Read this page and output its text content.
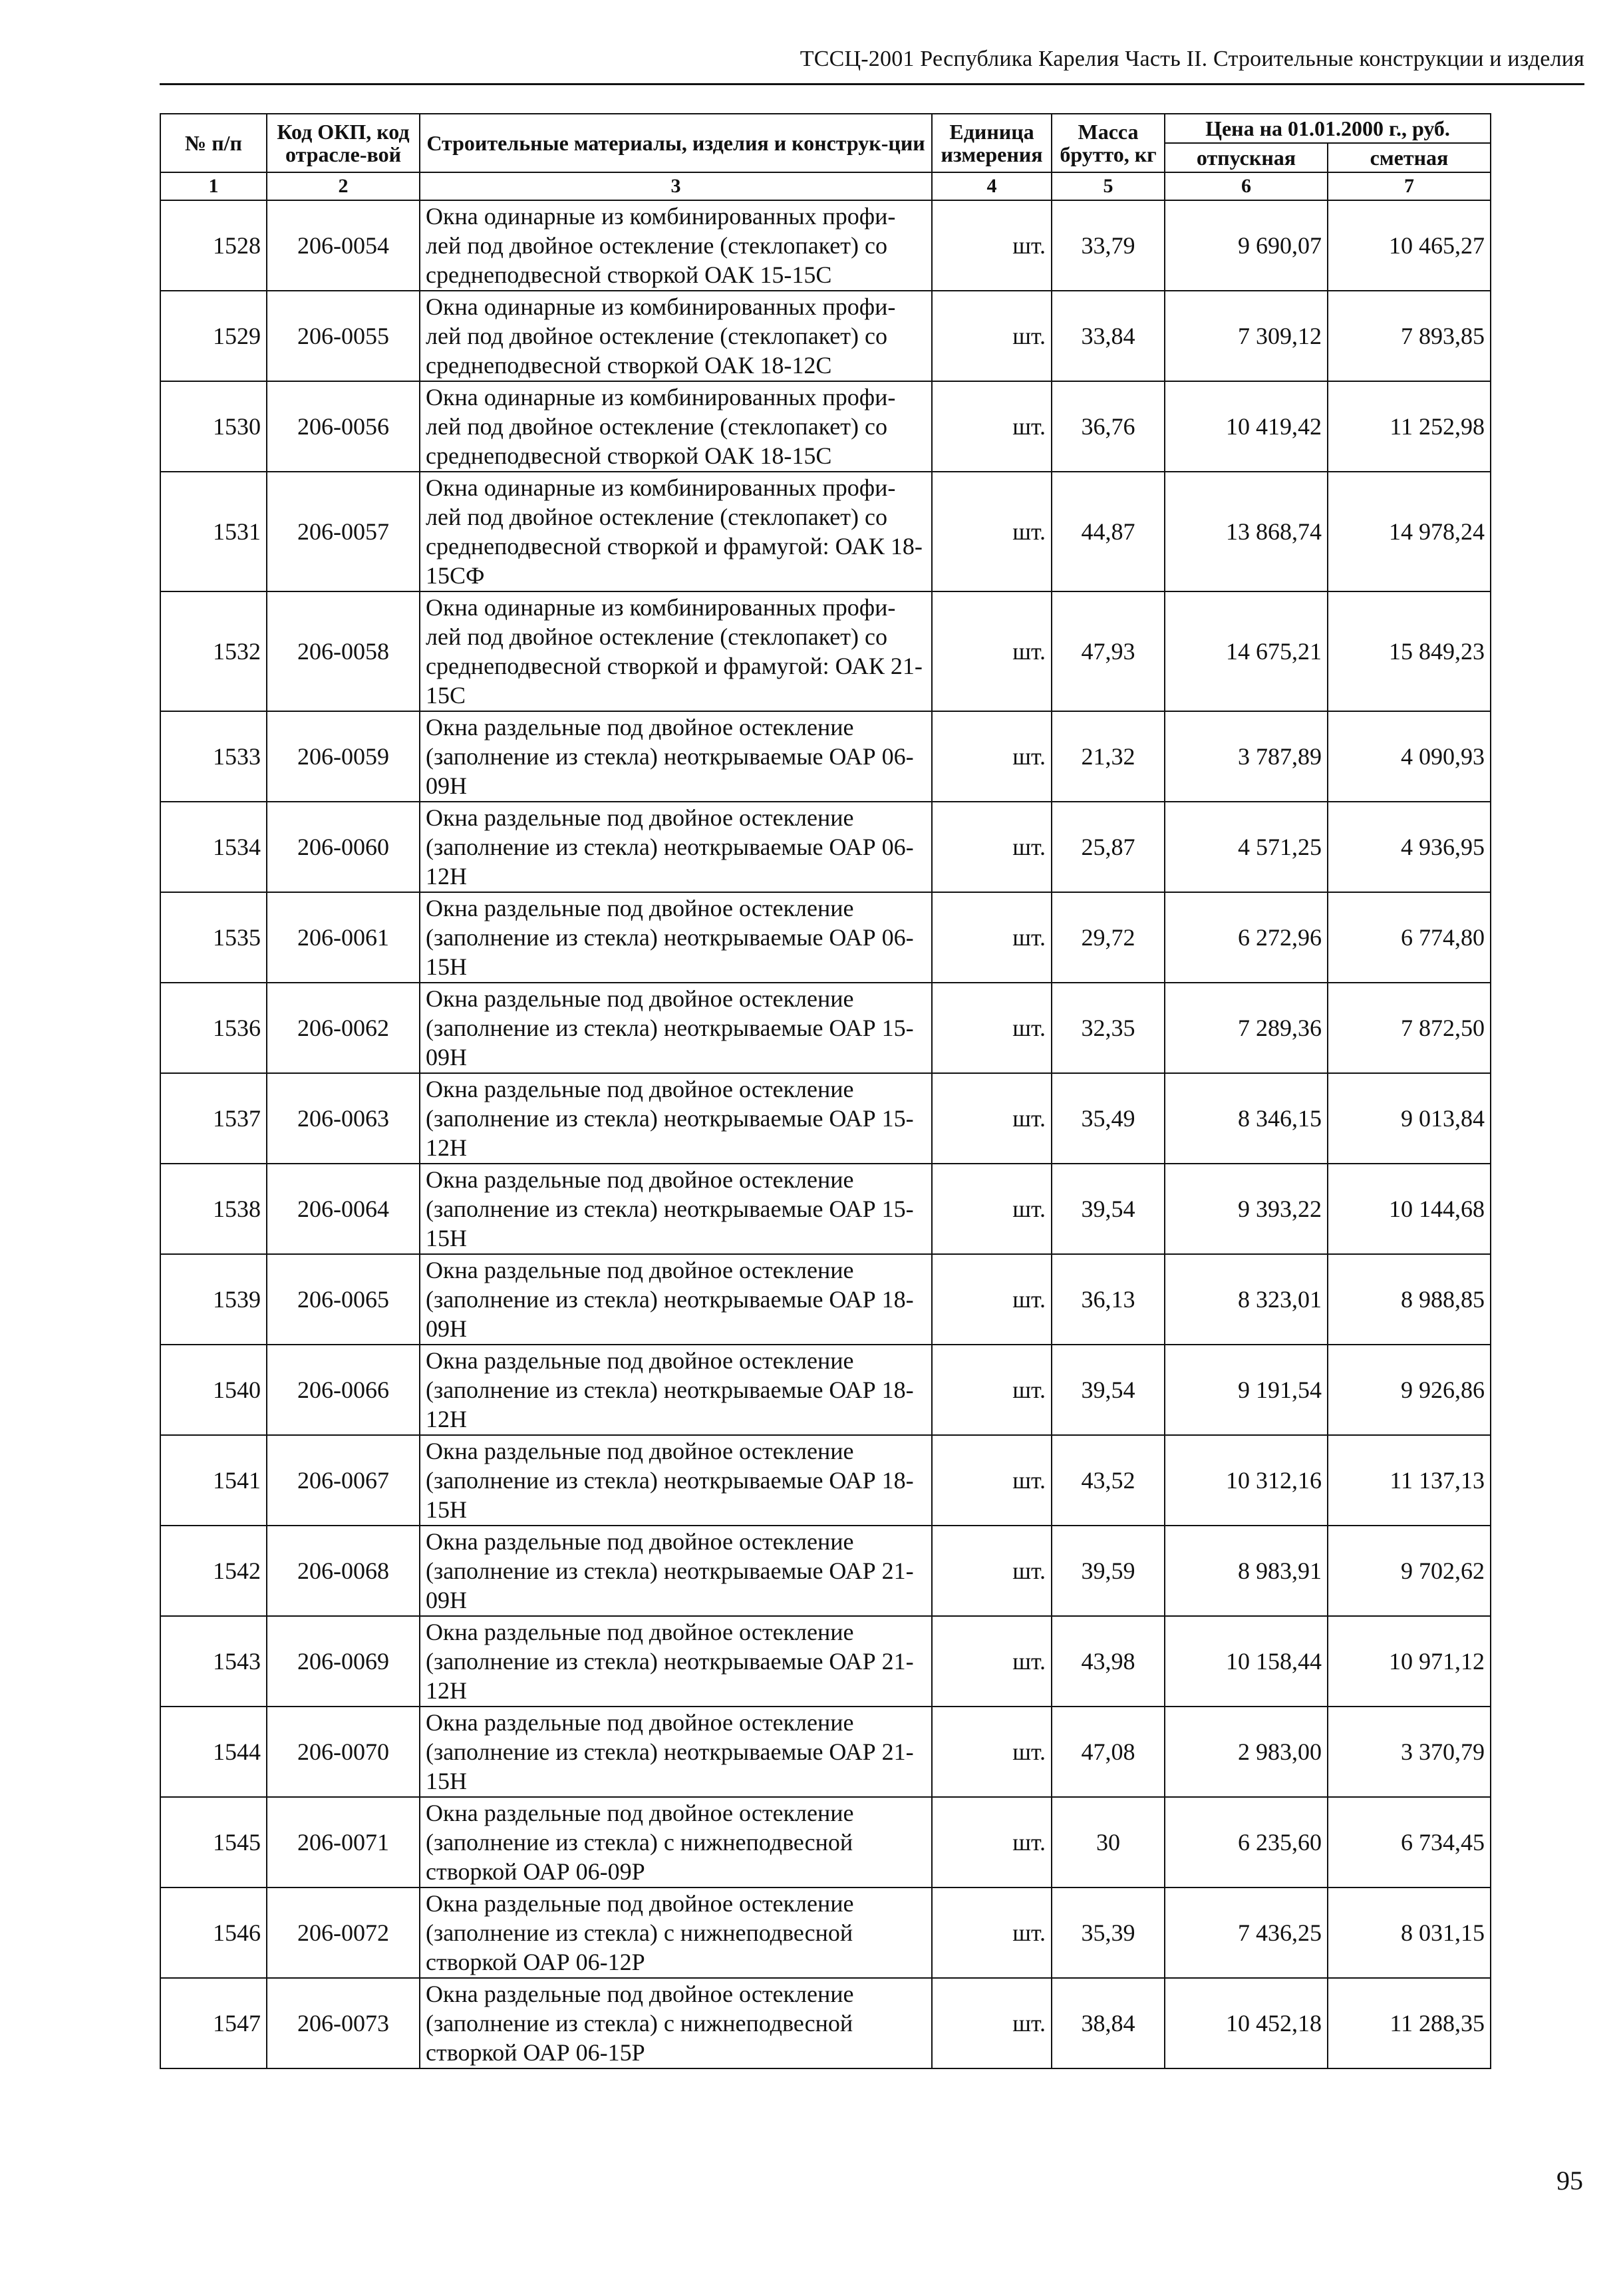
ТССЦ-2001 Республика Карелия Часть II. Строительные конструкции и изделия
№ п/п	Код ОКП, код отрасле-вой	Строительные материалы, изделия и конструк-ции	Единица измерения	Масса брутто, кг	Цена на 01.01.2000 г., руб.	
					отпускная	сметная
1	2	3	4	5	6	7
1528	206-0054	Окна одинарные из комбинированных профи-лей под двойное остекление (стеклопакет) со среднеподвесной створкой ОАК 15-15С	шт.	33,79	9 690,07	10 465,27
1529	206-0055	Окна одинарные из комбинированных профи-лей под двойное остекление (стеклопакет) со среднеподвесной створкой ОАК 18-12С	шт.	33,84	7 309,12	7 893,85
1530	206-0056	Окна одинарные из комбинированных профи-лей под двойное остекление (стеклопакет) со среднеподвесной створкой ОАК 18-15С	шт.	36,76	10 419,42	11 252,98
1531	206-0057	Окна одинарные из комбинированных профи-лей под двойное остекление (стеклопакет) со среднеподвесной створкой и фрамугой: ОАК 18-15СФ	шт.	44,87	13 868,74	14 978,24
1532	206-0058	Окна одинарные из комбинированных профи-лей под двойное остекление (стеклопакет) со среднеподвесной створкой и фрамугой: ОАК 21-15С	шт.	47,93	14 675,21	15 849,23
1533	206-0059	Окна раздельные под двойное остекление (заполнение из стекла) неоткрываемые ОАР 06-09Н	шт.	21,32	3 787,89	4 090,93
1534	206-0060	Окна раздельные под двойное остекление (заполнение из стекла) неоткрываемые ОАР 06-12Н	шт.	25,87	4 571,25	4 936,95
1535	206-0061	Окна раздельные под двойное остекление (заполнение из стекла) неоткрываемые ОАР 06-15Н	шт.	29,72	6 272,96	6 774,80
1536	206-0062	Окна раздельные под двойное остекление (заполнение из стекла) неоткрываемые ОАР 15-09Н	шт.	32,35	7 289,36	7 872,50
1537	206-0063	Окна раздельные под двойное остекление (заполнение из стекла) неоткрываемые ОАР 15-12Н	шт.	35,49	8 346,15	9 013,84
1538	206-0064	Окна раздельные под двойное остекление (заполнение из стекла) неоткрываемые ОАР 15-15Н	шт.	39,54	9 393,22	10 144,68
1539	206-0065	Окна раздельные под двойное остекление (заполнение из стекла) неоткрываемые ОАР 18-09Н	шт.	36,13	8 323,01	8 988,85
1540	206-0066	Окна раздельные под двойное остекление (заполнение из стекла) неоткрываемые ОАР 18-12Н	шт.	39,54	9 191,54	9 926,86
1541	206-0067	Окна раздельные под двойное остекление (заполнение из стекла) неоткрываемые ОАР 18-15Н	шт.	43,52	10 312,16	11 137,13
1542	206-0068	Окна раздельные под двойное остекление (заполнение из стекла) неоткрываемые ОАР 21-09Н	шт.	39,59	8 983,91	9 702,62
1543	206-0069	Окна раздельные под двойное остекление (заполнение из стекла) неоткрываемые ОАР 21-12Н	шт.	43,98	10 158,44	10 971,12
1544	206-0070	Окна раздельные под двойное остекление (заполнение из стекла) неоткрываемые ОАР 21-15Н	шт.	47,08	2 983,00	3 370,79
1545	206-0071	Окна раздельные под двойное остекление (заполнение из стекла) с нижнеподвесной створкой ОАР 06-09Р	шт.	30	6 235,60	6 734,45
1546	206-0072	Окна раздельные под двойное остекление (заполнение из стекла) с нижнеподвесной створкой ОАР 06-12Р	шт.	35,39	7 436,25	8 031,15
1547	206-0073	Окна раздельные под двойное остекление (заполнение из стекла) с нижнеподвесной створкой ОАР 06-15Р	шт.	38,84	10 452,18	11 288,35
95
